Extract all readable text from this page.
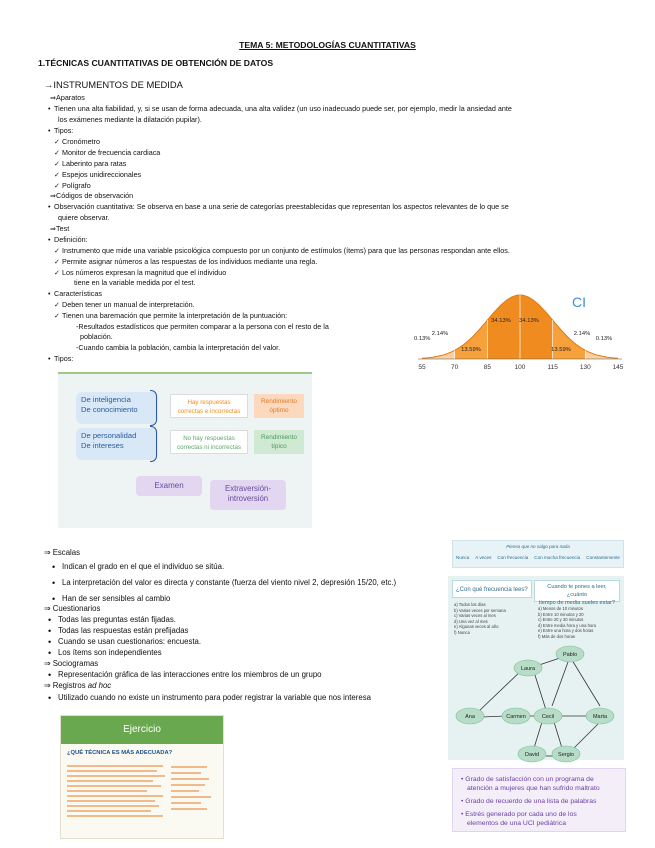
TEMA 5: METODOLOGÍAS CUANTITATIVAS
1.TÉCNICAS CUANTITATIVAS DE OBTENCIÓN DE DATOS
→INSTRUMENTOS DE MEDIDA
⇒Aparatos
• Tienen una alta fiabilidad, y, si se usan de forma adecuada, una alta validez (un uso inadecuado puede ser, por ejemplo, medir la ansiedad ante
los exámenes mediante la dilatación pupilar).
• Tipos:
✓ Cronómetro
✓ Monitor de frecuencia cardiaca
✓ Laberinto para ratas
✓ Espejos unidireccionales
✓ Polígrafo
⇒Códigos de observación
• Observación cuantitativa: Se observa en base a una serie de categorías preestablecidas que representan los aspectos relevantes de lo que se
quiere observar.
⇒Test
• Definición:
✓ Instrumento que mide una variable psicológica compuesto por un conjunto de estímulos (ítems) para que las personas respondan ante ellos.
✓ Permite asignar números a las respuestas de los individuos mediante una regla.
✓ Los números expresan la magnitud que el individuo
tiene en la variable medida por el test.
• Características
✓ Deben tener un manual de interpretación.
✓ Tienen una baremación que permite la interpretación de la puntuación:
-Resultados estadísticos que permiten comparar a la persona con el resto de la
población.
-Cuando cambia la población, cambia la interpretación del valor.
• Tipos:
CI
55	70	85	100	115	130	145
0.13%
2.14%
13.59%
34.13% 34.13%
13.59%
2.14%
0.13%
De inteligencia
De conocimiento
Hay respuestas
correctas e incorrectas
Rendimiento
óptimo
De personalidad
De intereses
No hay respuestas
correctas ni incorrectas
Rendimiento
típico
Examen	Extraversión-
introversión
⇒ Escalas
• Indican el grado en el que el individuo se sitúa.
• La interpretación del valor es directa y constante (fuerza del viento nivel 2, depresión 15/20, etc.)
• Han de ser sensibles al cambio
⇒ Cuestionarios
• Todas las preguntas están fijadas.
• Todas las respuestas están prefijadas
• Cuando se usan cuestionarios: encuesta.
• Los ítems son independientes
⇒ Sociogramas
• Representación gráfica de las interacciones entre los miembros de un grupo
⇒ Registros ad hoc
• Utilizado cuando no existe un instrumento para poder registrar la variable que nos interesa
Pienso que no salgo para nada
Nunca A veces Con frecuencia Con mucha frecuencia Constantemente
¿Con qué frecuencia lees?	Cuando te pones a leer, ¿cuánto
tiempo de media sueles estar?
a) Todos los días
b) Varias veces por semana
c) Varias veces al mes
d) Una vez al mes
e) Algunas veces al año
f) Nunca
a) Menos de 10 minutos
b) Entre 10 minutos y 20
c) Entre 20 y 30 minutos
d) Entre media hora y una hora
e) Entre una hora y dos horas
f) Más de dos horas
Pablo
Laura
Ana	Carmen	Cecil	Marta
David	Sergio
Ejercicio
¿QUÉ TÉCNICA ES MÁS ADECUADA?
• Grado de satisfacción con un programa de
atención a mujeres que han sufrido maltrato
• Grado de recuerdo de una lista de palabras
• Estrés generado por cada uno de los
elementos de una UCI pediátrica
